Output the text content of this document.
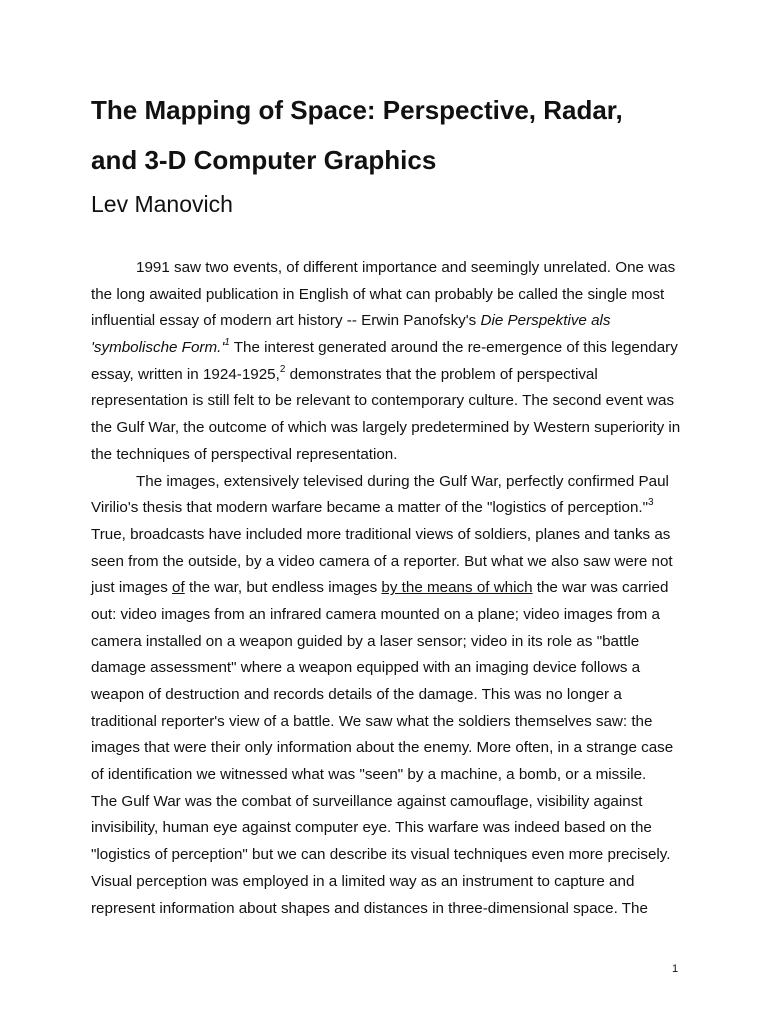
The Mapping of Space: Perspective, Radar,
and 3-D Computer Graphics
Lev Manovich
1991 saw two events, of different importance and seemingly unrelated. One was
the long awaited publication in English of what can probably be called the single most
influential essay of modern art history -- Erwin Panofsky's Die Perspektive als
'symbolische $Form.'^1$ The interest generated around the re-emergence of this legendary
essay, written in 1924-1925,$^2$ demonstrates that the problem of perspectival
representation is still felt to be relevant to contemporary culture. The second event was
the Gulf War, the outcome of which was largely predetermined by Western superiority in
the techniques of perspectival representation.
The images, extensively televised during the Gulf War, perfectly confirmed Paul
Virilio's thesis that modern warfare became a matter of the "logistics of perception."$^3$
True, broadcasts have included more traditional views of soldiers, planes and tanks as
seen from the outside, by a video camera of a reporter. But what we also saw were not
just images of the war, but endless images by the means of which the war was carried
out: video images from an infrared camera mounted on a plane; video images from a
camera installed on a weapon guided by a laser sensor; video in its role as "battle
damage assessment" where a weapon equipped with an imaging device follows a
weapon of destruction and records details of the damage. This was no longer a
traditional reporter's view of a battle. We saw what the soldiers themselves saw: the
images that were their only information about the enemy. More often, in a strange case
of identification we witnessed what was "seen" by a machine, a bomb, or a missile.
The Gulf War was the combat of surveillance against camouflage, visibility against
invisibility, human eye against computer eye. This warfare was indeed based on the
"logistics of perception" but we can describe its visual techniques even more precisely.
Visual perception was employed in a limited way as an instrument to capture and
represent information about shapes and distances in three-dimensional space. The
1
